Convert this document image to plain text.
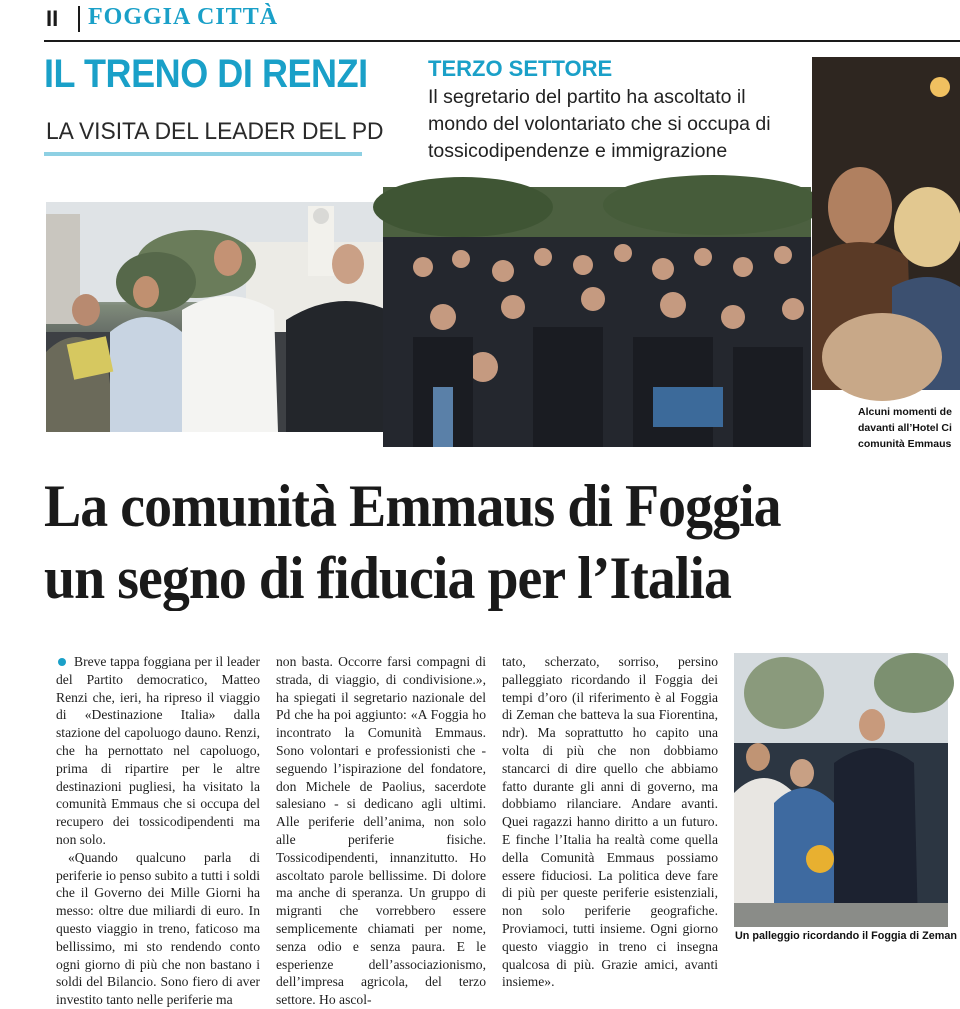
II FOGGIA CITTÀ
IL TRENO DI RENZI
LA VISITA DEL LEADER DEL PD
TERZO SETTORE
Il segretario del partito ha ascoltato il mondo del volontariato che si occupa di tossicodipendenze e immigrazione
Alcuni momenti de
davanti all’Hotel Ci
comunità Emmaus
La comunità Emmaus di Foggia
un segno di fiducia per l’Italia

Breve tappa foggiana per il leader del Partito democratico, Matteo Renzi che, ieri, ha ripreso il viaggio di «Destinazione Italia» dalla stazione del capoluogo dauno. Renzi, che ha pernottato nel capoluogo, prima di ripartire per le altre destinazioni pugliesi, ha visitato la comunità Emmaus che si occupa del recupero dei tossicodipendenti ma non solo.

«Quando qualcuno parla di periferie io penso subito a tutti i soldi che il Governo dei Mille Giorni ha messo: oltre due miliardi di euro. In questo viaggio in treno, faticoso ma bellissimo, mi sto rendendo conto ogni giorno di più che non bastano i soldi del Bilancio. Sono fiero di aver investito tanto nelle periferie ma

non basta. Occorre farsi compagni di strada, di viaggio, di condivisione.», ha spiegati il segretario nazionale del Pd che ha poi aggiunto: «A Foggia ho incontrato la Comunità Emmaus. Sono volontari e professionisti che - seguendo l’ispirazione del fondatore, don Michele de Paolius, sacerdote salesiano - si dedicano agli ultimi. Alle periferie dell’anima, non solo alle periferie fisiche. Tossicodipendenti, innanzitutto. Ho ascoltato parole bellissime. Di dolore ma anche di speranza. Un gruppo di migranti che vorrebbero essere semplicemente chiamati per nome, senza odio e senza paura. E le esperienze dell’associazionismo, dell’impresa agricola, del terzo settore. Ho ascol-

tato, scherzato, sorriso, persino palleggiato ricordando il Foggia dei tempi d’oro (il riferimento è al Foggia di Zeman che batteva la sua Fiorentina, ndr). Ma soprattutto ho capito una volta di più che non dobbiamo stancarci di dire quello che abbiamo fatto durante gli anni di governo, ma dobbiamo rilanciare. Andare avanti. Quei ragazzi hanno diritto a un futuro. E finche l’Italia ha realtà come quella della Comunità Emmaus possiamo essere fiduciosi. La politica deve fare di più per queste periferie esistenziali, non solo periferie geografiche. Proviamoci, tutti insieme. Ogni giorno questo viaggio in treno ci insegna qualcosa di più. Grazie amici, avanti insieme».

Un palleggio ricordando il Foggia di Zeman
